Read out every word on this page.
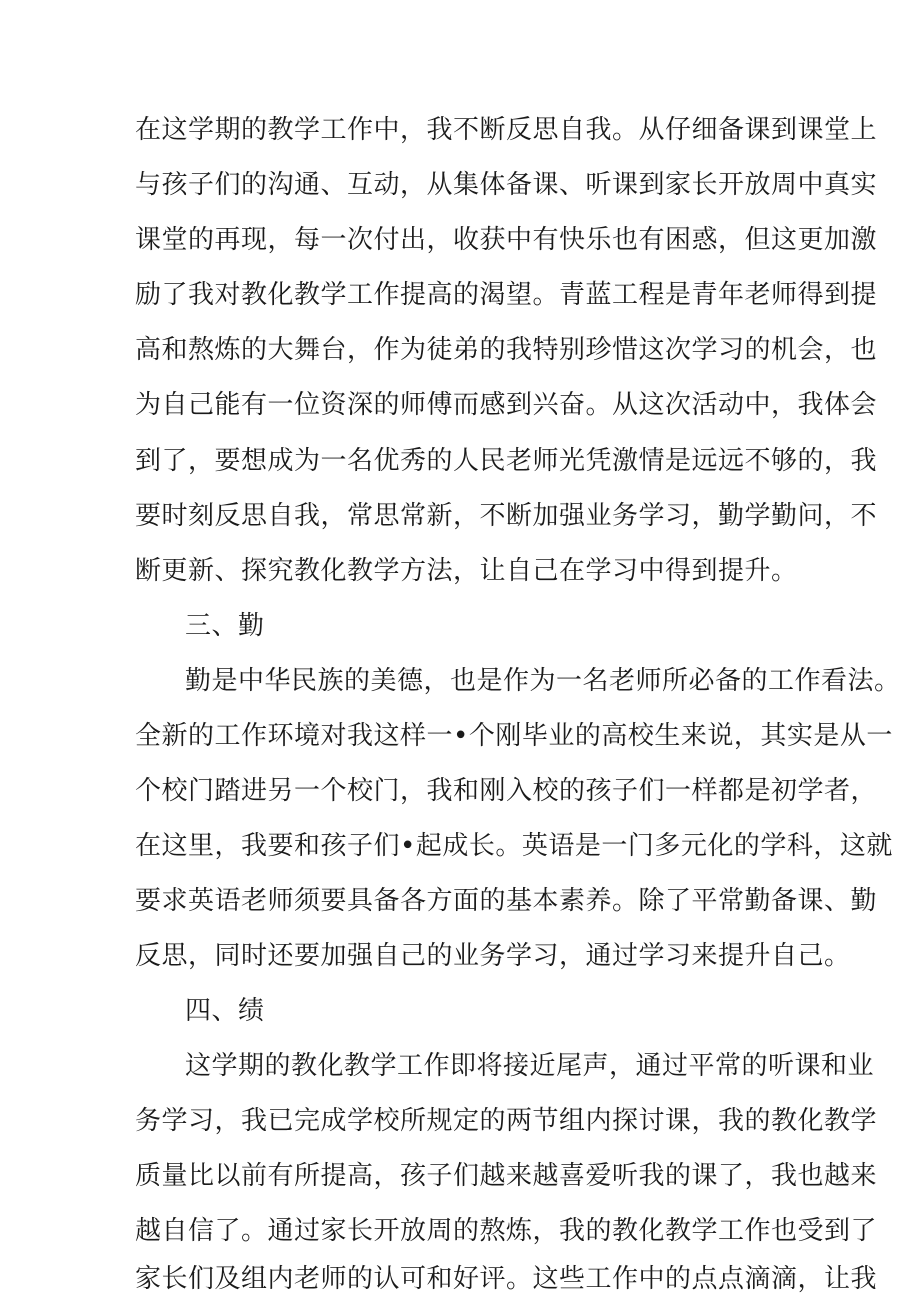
在这学期的教学工作中，我不断反思自我。从仔细备课到课堂上
与孩子们的沟通、互动，从集体备课、听课到家长开放周中真实
课堂的再现，每一次付出，收获中有快乐也有困惑，但这更加激
励了我对教化教学工作提高的渴望。青蓝工程是青年老师得到提
高和熬炼的大舞台，作为徒弟的我特别珍惜这次学习的机会，也
为自己能有一位资深的师傅而感到兴奋。从这次活动中，我体会
到了，要想成为一名优秀的人民老师光凭激情是远远不够的，我
要时刻反思自我，常思常新，不断加强业务学习，勤学勤问，不
断更新、探究教化教学方法，让自己在学习中得到提升。
三、勤
勤是中华民族的美德，也是作为一名老师所必备的工作看法。
全新的工作环境对我这样一•个刚毕业的高校生来说，其实是从一
个校门踏进另一个校门，我和刚入校的孩子们一样都是初学者，
在这里，我要和孩子们•起成长。英语是一门多元化的学科，这就
要求英语老师须要具备各方面的基本素养。除了平常勤备课、勤
反思，同时还要加强自己的业务学习，通过学习来提升自己。
四、绩
这学期的教化教学工作即将接近尾声，通过平常的听课和业
务学习，我已完成学校所规定的两节组内探讨课，我的教化教学
质量比以前有所提高，孩子们越来越喜爱听我的课了，我也越来
越自信了。通过家长开放周的熬炼，我的教化教学工作也受到了
家长们及组内老师的认可和好评。这些工作中的点点滴滴，让我
